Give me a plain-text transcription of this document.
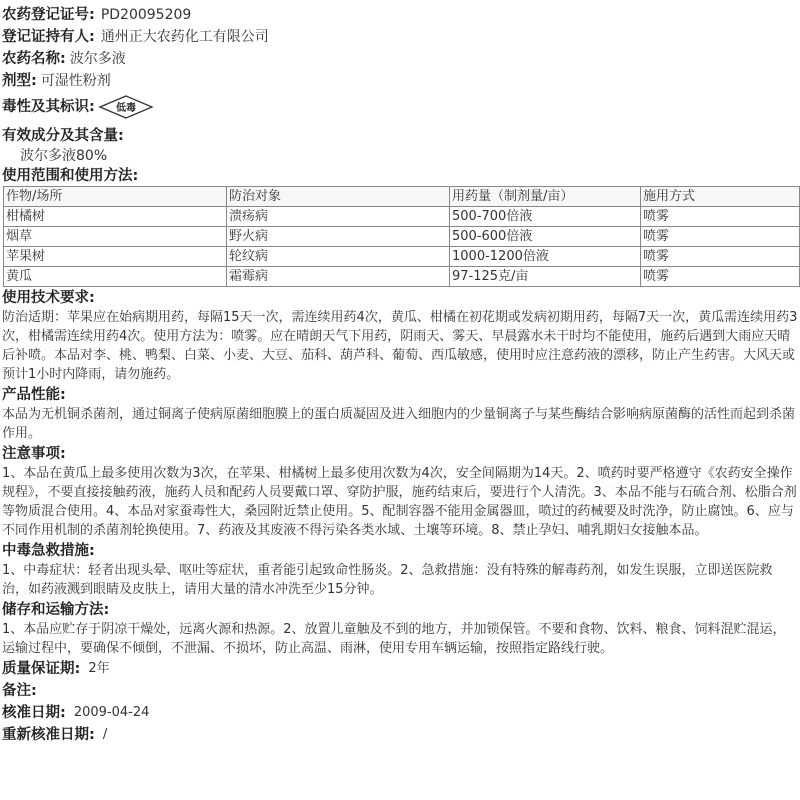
农药登记证号: PD20095209
登记证持有人: 通州正大农药化工有限公司
农药名称: 波尔多液
剂型: 可湿性粉剂
毒性及其标识: 低毒
有效成分及其含量:
波尔多液80%
使用范围和使用方法:
作物/场所	防治对象	用药量（制剂量/亩）	施用方式
柑橘树	溃疡病	500-700倍液	喷雾
烟草	野火病	500-600倍液	喷雾
苹果树	轮纹病	1000-1200倍液	喷雾
黄瓜	霜霉病	97-125克/亩	喷雾
使用技术要求:

防治适期：苹果应在始病期用药，每隔15天一次，需连续用药4次，黄瓜、柑橘在初花期或发病初期用药，每隔7天一次，黄瓜需连续用药3次，柑橘需连续用药4次。使用方法为：喷雾。应在晴朗天气下用药，阴雨天、雾天、早晨露水未干时均不能使用，施药后遇到大雨应天晴后补喷。本品对李、桃、鸭梨、白菜、小麦、大豆、茄科、葫芦科、葡萄、西瓜敏感，使用时应注意药液的漂移，防止产生药害。大风天或预计1小时内降雨，请勿施药。

产品性能:

本品为无机铜杀菌剂，通过铜离子使病原菌细胞膜上的蛋白质凝固及进入细胞内的少量铜离子与某些酶结合影响病原菌酶的活性而起到杀菌作用。

注意事项:

1、本品在黄瓜上最多使用次数为3次，在苹果、柑橘树上最多使用次数为4次，安全间隔期为14天。2、喷药时要严格遵守《农药安全操作规程》，不要直接接触药液，施药人员和配药人员要戴口罩、穿防护服，施药结束后，要进行个人清洗。3、本品不能与石硫合剂、松脂合剂等物质混合使用。4、本品对家蚕毒性大，桑园附近禁止使用。5、配制容器不能用金属器皿，喷过的药械要及时洗净，防止腐蚀。6、应与不同作用机制的杀菌剂轮换使用。7、药液及其废液不得污染各类水域、土壤等环境。8、禁止孕妇、哺乳期妇女接触本品。

中毒急救措施:

1、中毒症状：轻者出现头晕、呕吐等症状，重者能引起致命性肠炎。2、急救措施：没有特殊的解毒药剂，如发生误服，立即送医院救治，如药液溅到眼睛及皮肤上，请用大量的清水冲洗至少15分钟。

储存和运输方法:

1、本品应贮存于阴凉干燥处，远离火源和热源。2、放置儿童触及不到的地方，并加锁保管。不要和食物、饮料、粮食、饲料混贮混运，运输过程中，要确保不倾倒，不泄漏、不损坏，防止高温、雨淋，使用专用车辆运输，按照指定路线行驶。

质量保证期: 2年
备注:
核准日期: 2009-04-24
重新核准日期: /
